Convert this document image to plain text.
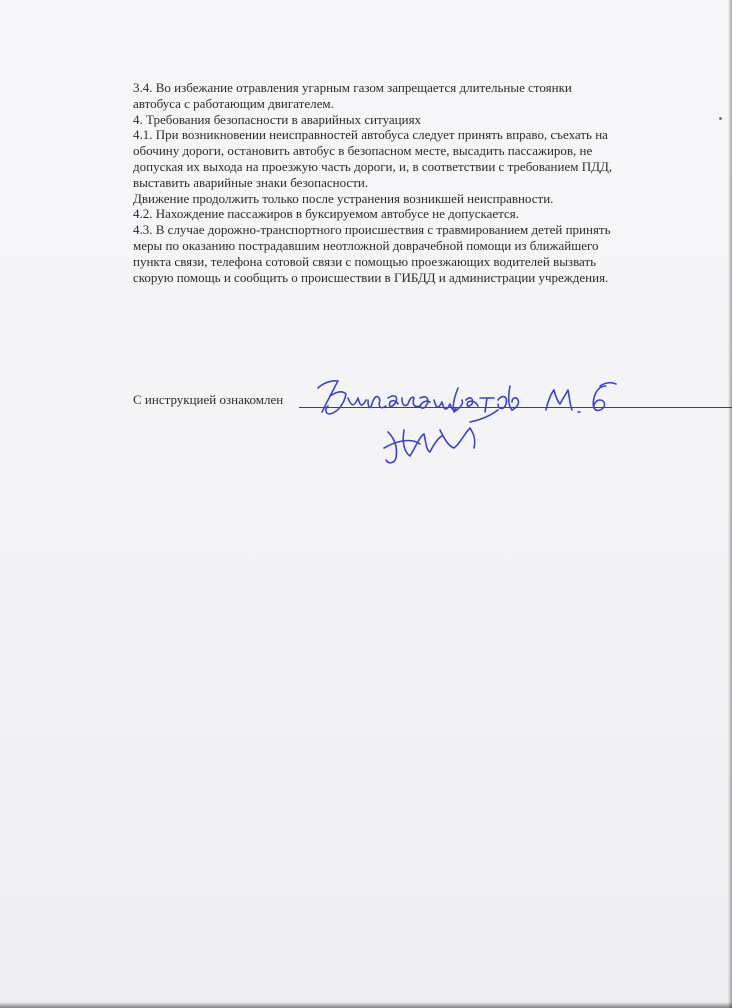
3.4. Во избежание отравления угарным газом запрещается длительные стоянки
автобуса с работающим двигателем.
4. Требования безопасности в аварийных ситуациях
4.1. При возникновении неисправностей автобуса следует принять вправо, съехать на
обочину дороги, остановить автобус в безопасном месте, высадить пассажиров, не
допуская их выхода на проезжую часть дороги, и, в соответствии с требованием ПДД,
выставить аварийные знаки безопасности.
Движение продолжить только после устранения возникшей неисправности.
4.2. Нахождение пассажиров в буксируемом автобусе не допускается.
4.3. В случае дорожно-транспортного происшествия с травмированием детей принять
меры по оказанию пострадавшим неотложной доврачебной помощи из ближайшего
пункта связи, телефона сотовой связи с помощью проезжающих водителей вызвать
скорую помощь и сообщить о происшествии в ГИБДД и администрации учреждения.
С инструкцией ознакомлен
